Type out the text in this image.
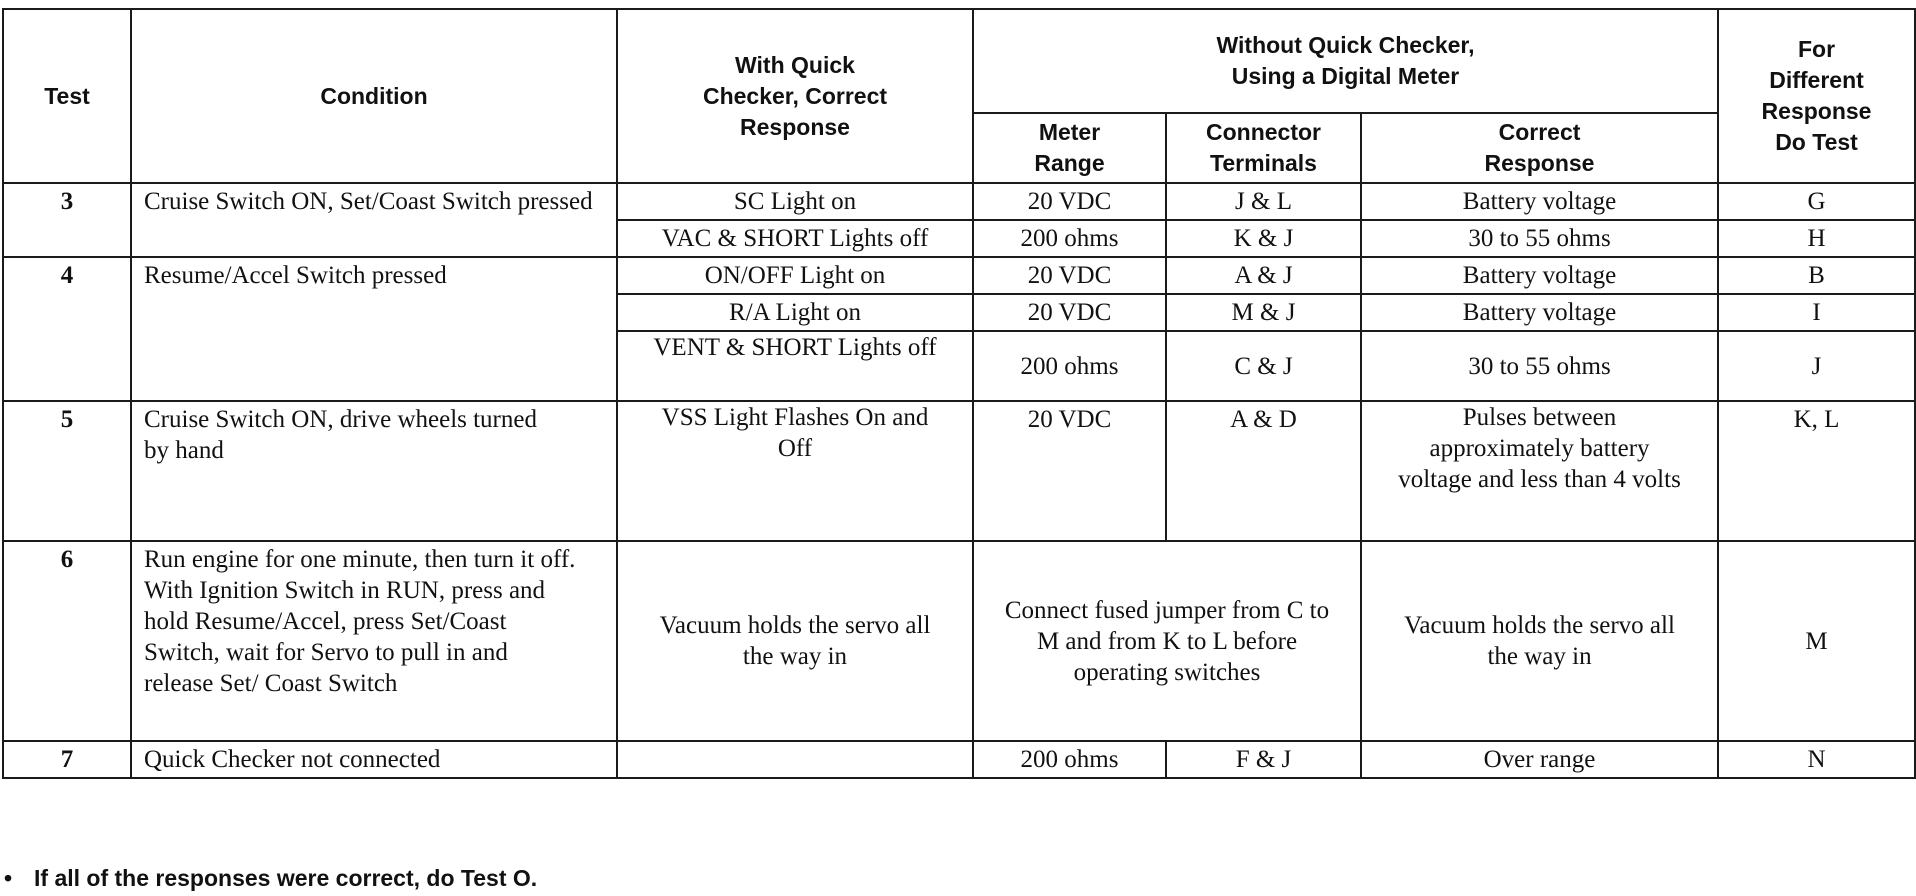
Test	Condition	With Quick Checker, Correct Response	Without Quick Checker, Using a Digital Meter			For Different Response Do Test
			Meter Range	Connector Terminals	Correct Response	
3	Cruise Switch ON, Set/Coast Switch pressed	SC Light on	20 VDC	J & L	Battery voltage	G
		VAC & SHORT Lights off	200 ohms	K & J	30 to 55 ohms	H
4	Resume/Accel Switch pressed	ON/OFF Light on	20 VDC	A & J	Battery voltage	B
		R/A Light on	20 VDC	M & J	Battery voltage	I
		VENT & SHORT Lights off	200 ohms	C & J	30 to 55 ohms	J
5	Cruise Switch ON, drive wheels turned by hand	VSS Light Flashes On and Off	20 VDC	A & D	Pulses between approximately battery voltage and less than 4 volts	K, L
6	Run engine for one minute, then turn it off. With Ignition Switch in RUN, press and hold Resume/Accel, press Set/Coast Switch, wait for Servo to pull in and release Set/ Coast Switch	Vacuum holds the servo all the way in	Connect fused jumper from C to M and from K to L before operating switches		Vacuum holds the servo all the way in	M
7	Quick Checker not connected		200 ohms	F & J	Over range	N
• If all of the responses were correct, do Test O.
